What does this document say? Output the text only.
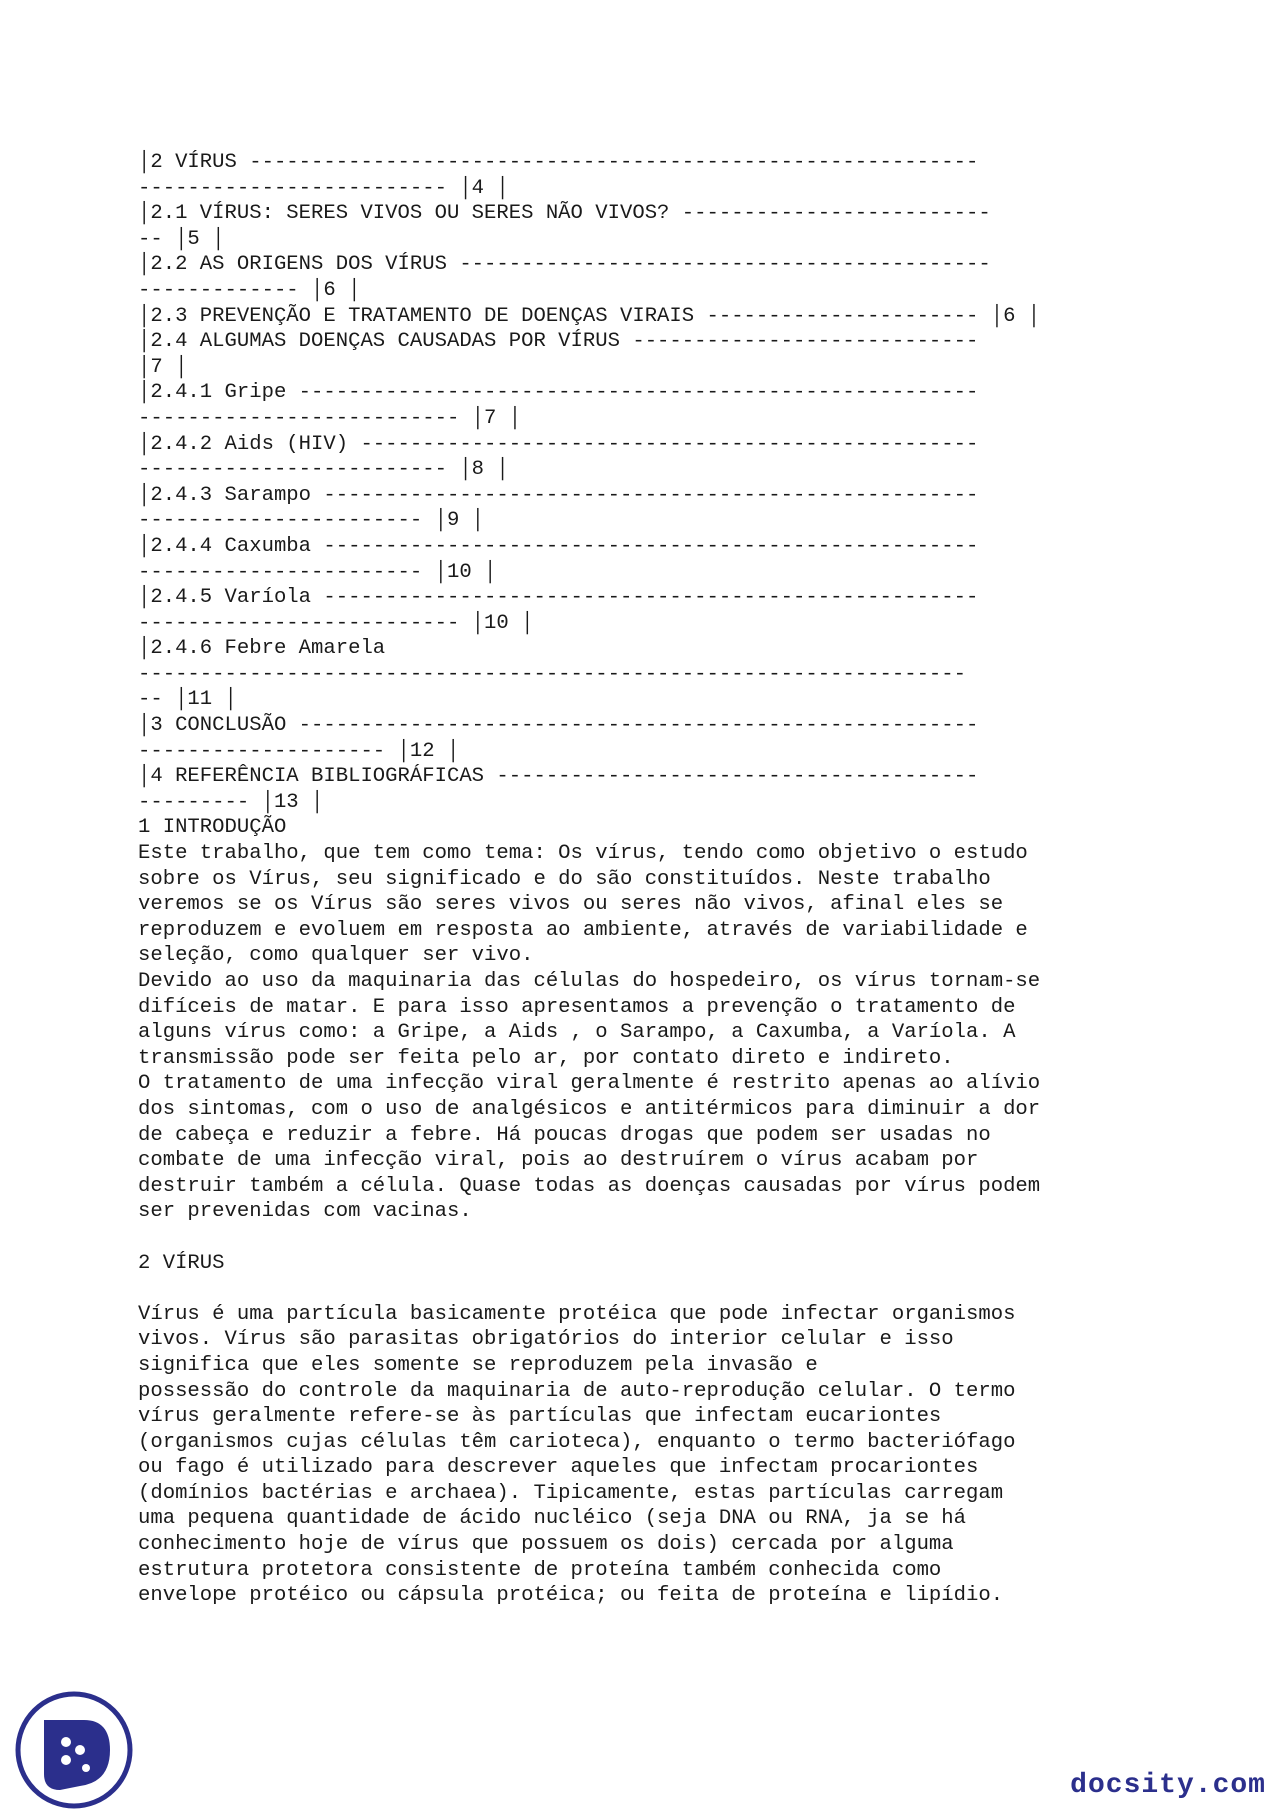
│2 VÍRUS -----------------------------------------------------------
------------------------- │4 │
│2.1 VÍRUS: SERES VIVOS OU SERES NÃO VIVOS? -------------------------
-- │5 │
│2.2 AS ORIGENS DOS VÍRUS -------------------------------------------
------------- │6 │
│2.3 PREVENÇÃO E TRATAMENTO DE DOENÇAS VIRAIS ---------------------- │6 │
│2.4 ALGUMAS DOENÇAS CAUSADAS POR VÍRUS ----------------------------
│7 │
│2.4.1 Gripe -------------------------------------------------------
-------------------------- │7 │
│2.4.2 Aids (HIV) --------------------------------------------------
------------------------- │8 │
│2.4.3 Sarampo -----------------------------------------------------
----------------------- │9 │
│2.4.4 Caxumba -----------------------------------------------------
----------------------- │10 │
│2.4.5 Varíola -----------------------------------------------------
-------------------------- │10 │
│2.4.6 Febre Amarela
-------------------------------------------------------------------
-- │11 │
│3 CONCLUSÃO -------------------------------------------------------
-------------------- │12 │
│4 REFERÊNCIA BIBLIOGRÁFICAS ---------------------------------------
--------- │13 │
1 INTRODUÇÃO
Este trabalho, que tem como tema: Os vírus, tendo como objetivo o estudo
sobre os Vírus, seu significado e do são constituídos. Neste trabalho
veremos se os Vírus são seres vivos ou seres não vivos, afinal eles se
reproduzem e evoluem em resposta ao ambiente, através de variabilidade e
seleção, como qualquer ser vivo.
Devido ao uso da maquinaria das células do hospedeiro, os vírus tornam-se
difíceis de matar. E para isso apresentamos a prevenção o tratamento de
alguns vírus como: a Gripe, a Aids , o Sarampo, a Caxumba, a Varíola. A
transmissão pode ser feita pelo ar, por contato direto e indireto.
O tratamento de uma infecção viral geralmente é restrito apenas ao alívio
dos sintomas, com o uso de analgésicos e antitérmicos para diminuir a dor
de cabeça e reduzir a febre. Há poucas drogas que podem ser usadas no
combate de uma infecção viral, pois ao destruírem o vírus acabam por
destruir também a célula. Quase todas as doenças causadas por vírus podem
ser prevenidas com vacinas.

2 VÍRUS

Vírus é uma partícula basicamente protéica que pode infectar organismos
vivos. Vírus são parasitas obrigatórios do interior celular e isso
significa que eles somente se reproduzem pela invasão e
possessão do controle da maquinaria de auto-reprodução celular. O termo
vírus geralmente refere-se às partículas que infectam eucariontes
(organismos cujas células têm carioteca), enquanto o termo bacteriófago
ou fago é utilizado para descrever aqueles que infectam procariontes
(domínios bactérias e archaea). Tipicamente, estas partículas carregam
uma pequena quantidade de ácido nucléico (seja DNA ou RNA, ja se há
conhecimento hoje de vírus que possuem os dois) cercada por alguma
estrutura protetora consistente de proteína também conhecida como
envelope protéico ou cápsula protéica; ou feita de proteína e lipídio.
docsity.com
